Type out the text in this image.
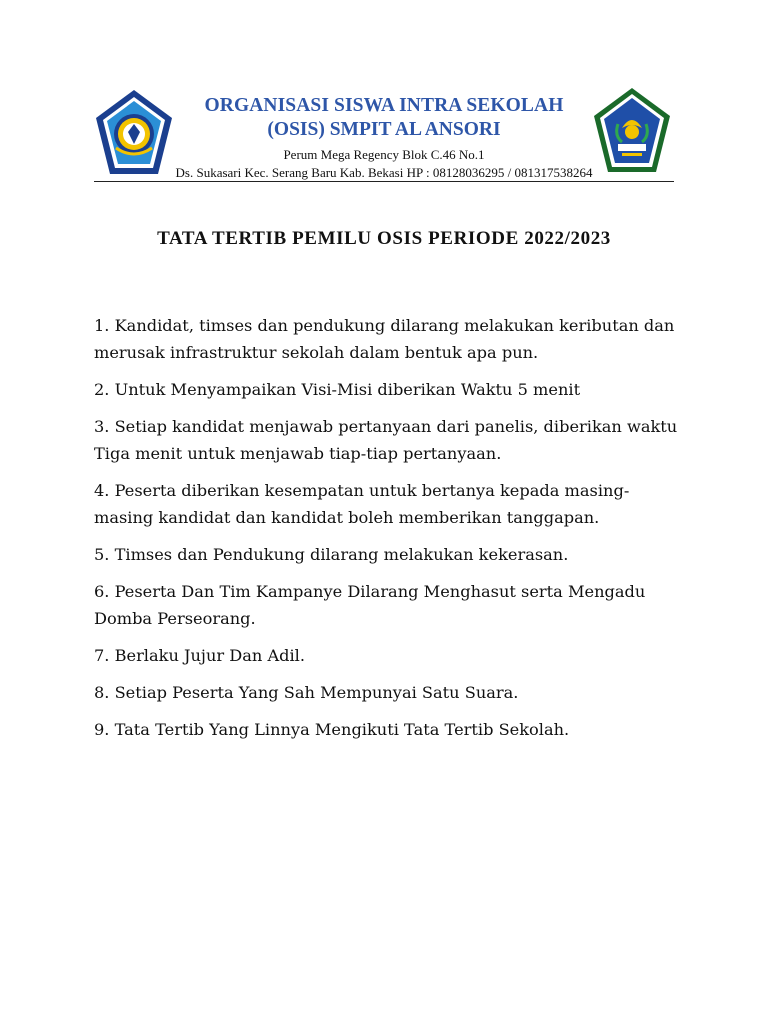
ORGANISASI SISWA INTRA SEKOLAH

(OSIS) SMPIT AL ANSORI

Perum Mega Regency Blok C.46 No.1

Ds. Sukasari Kec. Serang Baru Kab. Bekasi HP : 08128036295 / 081317538264

TATA TERTIB PEMILU OSIS PERIODE 2022/2023
1. Kandidat, timses dan pendukung dilarang melakukan keributan dan merusak infrastruktur sekolah dalam bentuk apa pun.
2. Untuk Menyampaikan Visi-Misi diberikan Waktu 5 menit
3. Setiap kandidat menjawab pertanyaan dari panelis, diberikan waktu Tiga menit untuk menjawab tiap-tiap pertanyaan.
4. Peserta diberikan kesempatan untuk bertanya kepada masing-masing kandidat dan kandidat boleh memberikan tanggapan.
5. Timses dan Pendukung dilarang melakukan kekerasan.
6. Peserta Dan Tim Kampanye Dilarang Menghasut serta Mengadu Domba Perseorang.
7. Berlaku Jujur Dan Adil.
8. Setiap Peserta Yang Sah Mempunyai Satu Suara.
9. Tata Tertib Yang Linnya Mengikuti Tata Tertib Sekolah.
